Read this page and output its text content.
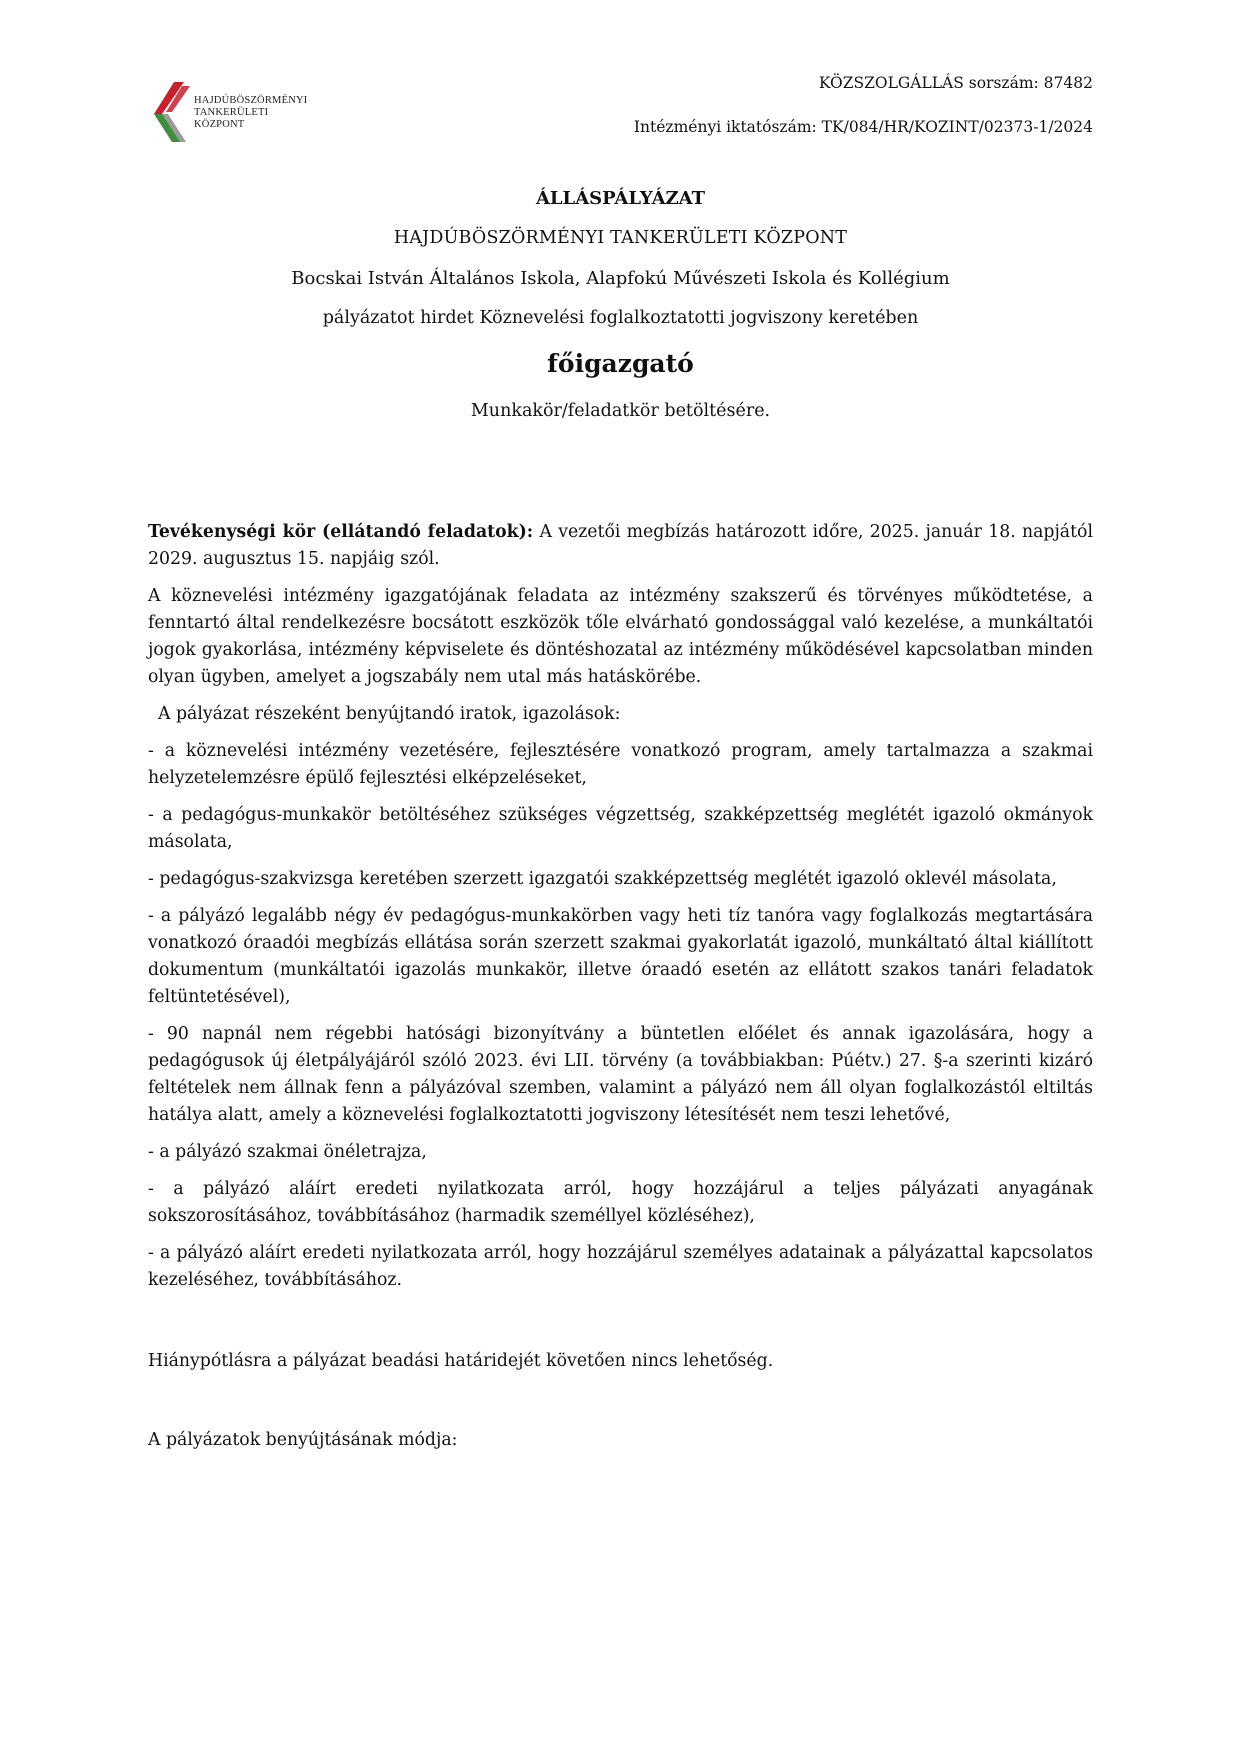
HAJDÚBÖSZÖRMÉNYI
TANKERÜLETI
KÖZPONT
KÖZSZOLGÁLLÁS sorszám: 87482
Intézményi iktatószám: TK/084/HR/KOZINT/02373-1/2024
ÁLLÁSPÁLYÁZAT
HAJDÚBÖSZÖRMÉNYI TANKERÜLETI KÖZPONT
Bocskai István Általános Iskola, Alapfokú Művészeti Iskola és Kollégium
pályázatot hirdet Köznevelési foglalkoztatotti jogviszony keretében
főigazgató
Munkakör/feladatkör betöltésére.

Tevékenységi kör (ellátandó feladatok): A vezetői megbízás határozott időre, 2025. január 18. napjától 2029. augusztus 15. napjáig szól.

A köznevelési intézmény igazgatójának feladata az intézmény szakszerű és törvényes működtetése, a fenntartó által rendelkezésre bocsátott eszközök tőle elvárható gondossággal való kezelése, a munkáltatói jogok gyakorlása, intézmény képviselete és döntéshozatal az intézmény működésével kapcsolatban minden olyan ügyben, amelyet a jogszabály nem utal más hatáskörébe.

A pályázat részeként benyújtandó iratok, igazolások:

- a köznevelési intézmény vezetésére, fejlesztésére vonatkozó program, amely tartalmazza a szakmai helyzetelemzésre épülő fejlesztési elképzeléseket,

- a pedagógus-munkakör betöltéséhez szükséges végzettség, szakképzettség meglétét igazoló okmányok másolata,

- pedagógus-szakvizsga keretében szerzett igazgatói szakképzettség meglétét igazoló oklevél másolata,

- a pályázó legalább négy év pedagógus-munkakörben vagy heti tíz tanóra vagy foglalkozás megtartására vonatkozó óraadói megbízás ellátása során szerzett szakmai gyakorlatát igazoló, munkáltató által kiállított dokumentum (munkáltatói igazolás munkakör, illetve óraadó esetén az ellátott szakos tanári feladatok feltüntetésével),

- 90 napnál nem régebbi hatósági bizonyítvány a büntetlen előélet és annak igazolására, hogy a pedagógusok új életpályájáról szóló 2023. évi LII. törvény (a továbbiakban: Púétv.) 27. §-a szerinti kizáró feltételek nem állnak fenn a pályázóval szemben, valamint a pályázó nem áll olyan foglalkozástól eltiltás hatálya alatt, amely a köznevelési foglalkoztatotti jogviszony létesítését nem teszi lehetővé,

- a pályázó szakmai önéletrajza,

- a pályázó aláírt eredeti nyilatkozata arról, hogy hozzájárul a teljes pályázati anyagának sokszorosításához, továbbításához (harmadik személlyel közléséhez),

- a pályázó aláírt eredeti nyilatkozata arról, hogy hozzájárul személyes adatainak a pályázattal kapcsolatos kezeléséhez, továbbításához.

Hiánypótlásra a pályázat beadási határidejét követően nincs lehetőség.

A pályázatok benyújtásának módja:
